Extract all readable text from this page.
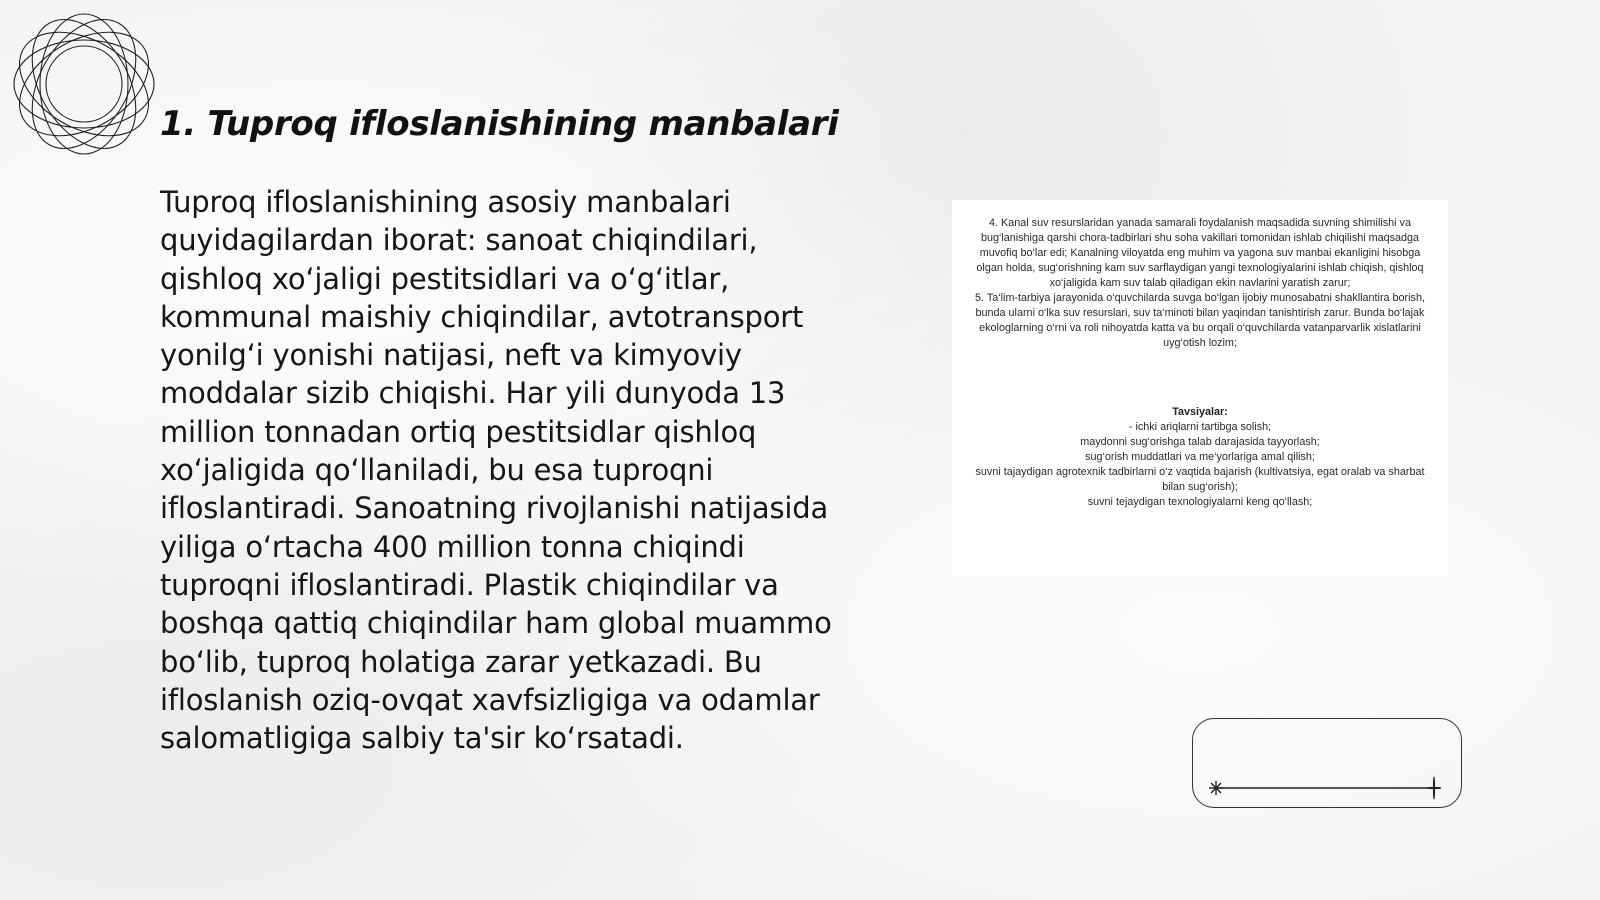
1. Tuproq ifloslanishining manbalari

Tuproq ifloslanishining asosiy manbalari quyidagilardan iborat: sanoat chiqindilari, qishloq xo‘jaligi pestitsidlari va o‘g‘itlar, kommunal maishiy chiqindilar, avtotransport yonilg‘i yonishi natijasi, neft va kimyoviy moddalar sizib chiqishi. Har yili dunyoda 13 million tonnadan ortiq pestitsidlar qishloq xo‘jaligida qo‘llaniladi, bu esa tuproqni ifloslantiradi. Sanoatning rivojlanishi natijasida yiliga o‘rtacha 400 million tonna chiqindi tuproqni ifloslantiradi. Plastik chiqindilar va boshqa qattiq chiqindilar ham global muammo bo‘lib, tuproq holatiga zarar yetkazadi. Bu ifloslanish oziq-ovqat xavfsizligiga va odamlar salomatligiga salbiy ta'sir ko‘rsatadi.

4. Kanal suv resurslaridan yanada samarali foydalanish maqsadida suvning shimilishi va bug‘lanishiga qarshi chora-tadbirlari shu soha vakillari tomonidan ishlab chiqilishi maqsadga muvofiq bo‘lar edi; Kanalning viloyatda eng muhim va yagona suv manbai ekanligini hisobga olgan holda, sug‘orishning kam suv sarflaydigan yangi texnologiyalarini ishlab chiqish, qishloq xo‘jaligida kam suv talab qiladigan ekin navlarini yaratish zarur;

5. Ta‘lim-tarbiya jarayonida o‘quvchilarda suvga bo‘lgan ijobiy munosabatni shakllantira borish, bunda ularni o‘lka suv resurslari, suv ta‘minoti bilan yaqindan tanishtirish zarur. Bunda bo‘lajak ekologlarning o‘rni va roli nihoyatda katta va bu orqali o‘quvchilarda vatanparvarlik xislatlarini uyg‘otish lozim;

Tavsiyalar:

- ichki ariqlarni tartibga solish;

maydonni sug‘orishga talab darajasida tayyorlash;

sug‘orish muddatlari va me‘yorlariga amal qilish;

suvni tajaydigan agrotexnik tadbirlarni o‘z vaqtida bajarish (kultivatsiya, egat oralab va sharbat bilan sug‘orish);

suvni tejaydigan texnologiyalarni keng qo‘llash;
